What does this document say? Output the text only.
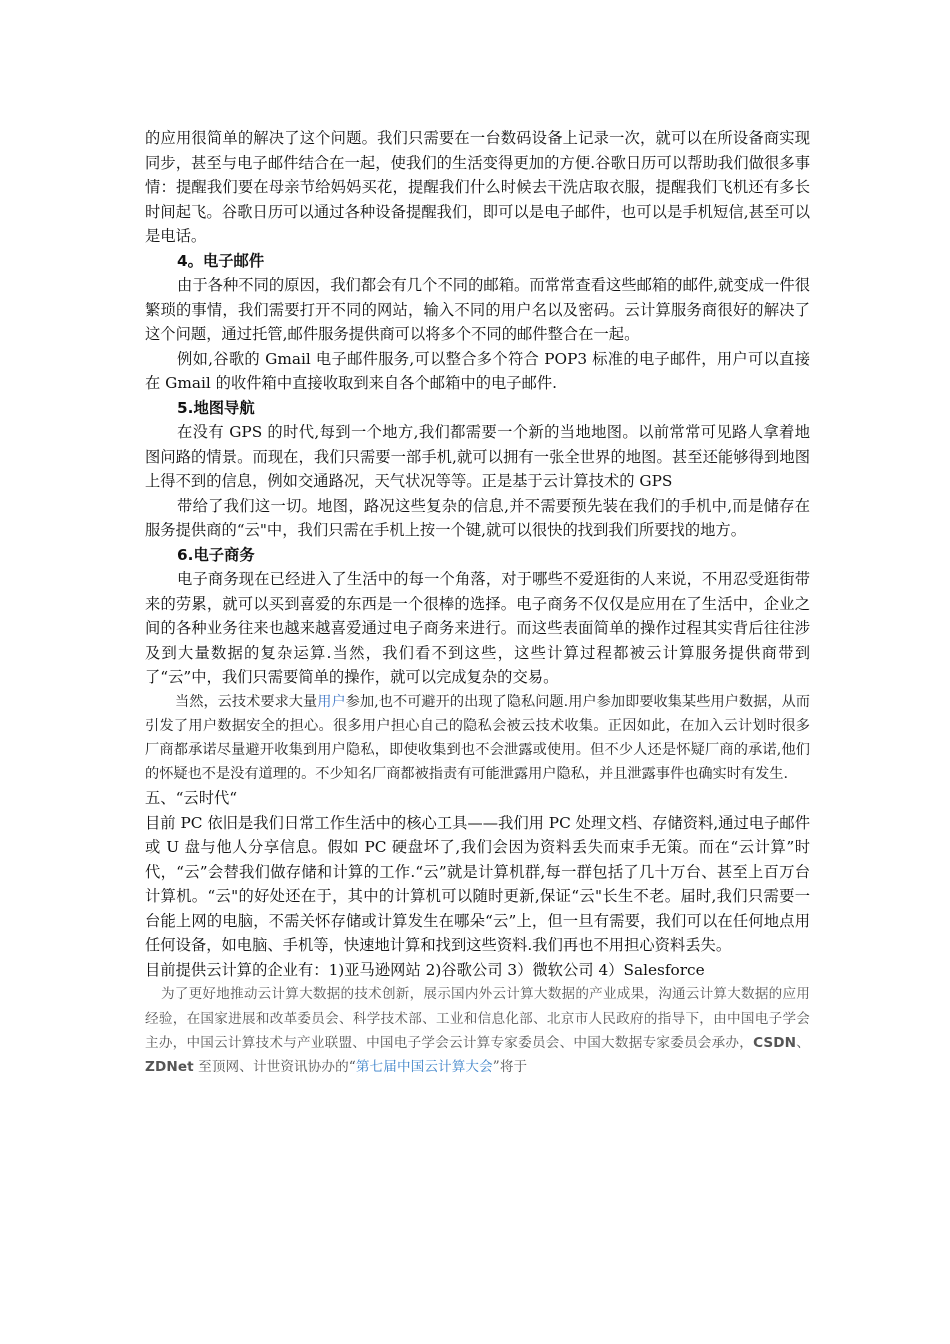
的应用很简单的解决了这个问题。我们只需要在一台数码设备上记录一次，就可以在所设备商实现同步，甚至与电子邮件结合在一起，使我们的生活变得更加的方便.谷歌日历可以帮助我们做很多事情：提醒我们要在母亲节给妈妈买花，提醒我们什么时候去干洗店取衣服，提醒我们飞机还有多长时间起飞。谷歌日历可以通过各种设备提醒我们，即可以是电子邮件，也可以是手机短信,甚至可以是电话。

4。电子邮件

由于各种不同的原因，我们都会有几个不同的邮箱。而常常查看这些邮箱的邮件,就变成一件很繁琐的事情，我们需要打开不同的网站，输入不同的用户名以及密码。云计算服务商很好的解决了这个问题，通过托管,邮件服务提供商可以将多个不同的邮件整合在一起。

例如,谷歌的 Gmail 电子邮件服务,可以整合多个符合 POP3 标准的电子邮件，用户可以直接在 Gmail 的收件箱中直接收取到来自各个邮箱中的电子邮件.

5.地图导航

在没有 GPS 的时代,每到一个地方,我们都需要一个新的当地地图。以前常常可见路人拿着地图问路的情景。而现在，我们只需要一部手机,就可以拥有一张全世界的地图。甚至还能够得到地图上得不到的信息，例如交通路况，天气状况等等。正是基于云计算技术的 GPS

带给了我们这一切。地图，路况这些复杂的信息,并不需要预先装在我们的手机中,而是储存在服务提供商的“云"中，我们只需在手机上按一个键,就可以很快的找到我们所要找的地方。

6.电子商务

电子商务现在已经进入了生活中的每一个角落，对于哪些不爱逛街的人来说，不用忍受逛街带来的劳累，就可以买到喜爱的东西是一个很棒的选择。电子商务不仅仅是应用在了生活中，企业之间的各种业务往来也越来越喜爱通过电子商务来进行。而这些表面简单的操作过程其实背后往往涉及到大量数据的复杂运算.当然，我们看不到这些，这些计算过程都被云计算服务提供商带到了“云”中，我们只需要简单的操作，就可以完成复杂的交易。

当然，云技术要求大量用户参加,也不可避开的出现了隐私问题.用户参加即要收集某些用户数据，从而引发了用户数据安全的担心。很多用户担心自己的隐私会被云技术收集。正因如此，在加入云计划时很多厂商都承诺尽量避开收集到用户隐私，即使收集到也不会泄露或使用。但不少人还是怀疑厂商的承诺,他们的怀疑也不是没有道理的。不少知名厂商都被指责有可能泄露用户隐私，并且泄露事件也确实时有发生.

五、“云时代“

目前 PC 依旧是我们日常工作生活中的核心工具——我们用 PC 处理文档、存储资料,通过电子邮件或 U 盘与他人分享信息。假如 PC 硬盘坏了,我们会因为资料丢失而束手无策。而在“云计算”时代，“云”会替我们做存储和计算的工作.“云”就是计算机群,每一群包括了几十万台、甚至上百万台计算机。“云"的好处还在于，其中的计算机可以随时更新,保证“云"长生不老。届时,我们只需要一台能上网的电脑，不需关怀存储或计算发生在哪朵“云”上，但一旦有需要，我们可以在任何地点用任何设备，如电脑、手机等，快速地计算和找到这些资料.我们再也不用担心资料丢失。

目前提供云计算的企业有：1)亚马逊网站 2)谷歌公司 3）微软公司 4）Salesforce

为了更好地推动云计算大数据的技术创新，展示国内外云计算大数据的产业成果，沟通云计算大数据的应用经验，在国家进展和改革委员会、科学技术部、工业和信息化部、北京市人民政府的指导下，由中国电子学会主办，中国云计算技术与产业联盟、中国电子学会云计算专家委员会、中国大数据专家委员会承办，CSDN、ZDNet 至顶网、计世资讯协办的“第七届中国云计算大会”将于
